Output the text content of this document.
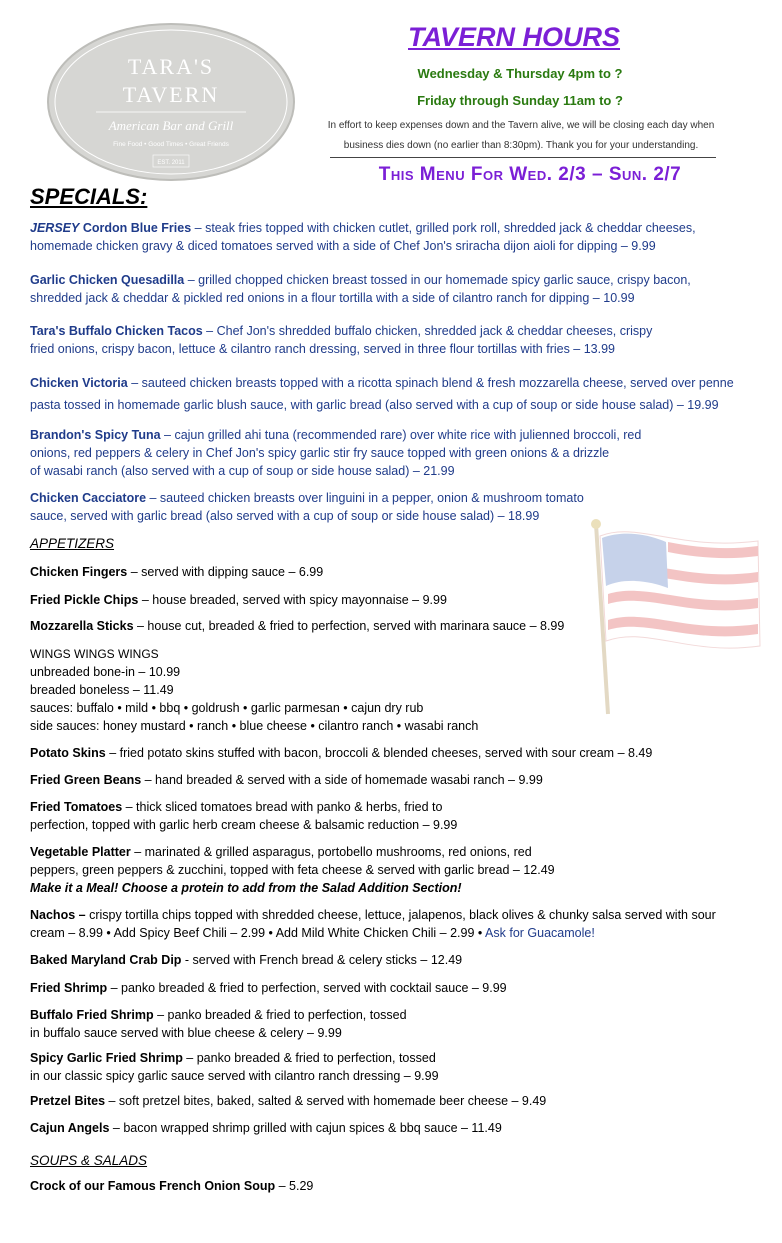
TARA'S
TAVERN
American Bar and Grill
Fine Food • Good Times • Great Friends
EST. 2011
TAVERN HOURS
Wednesday & Thursday 4pm to ?
Friday through Sunday 11am to ?
In effort to keep expenses down and the Tavern alive, we will be closing each day when
business dies down (no earlier than 8:30pm). Thank you for your understanding.
This Menu For Wed. 2/3 – Sun. 2/7
SPECIALS:
JERSEY Cordon Blue Fries – steak fries topped with chicken cutlet, grilled pork roll, shredded jack & cheddar cheeses,
homemade chicken gravy & diced tomatoes served with a side of Chef Jon's sriracha dijon aioli for dipping – 9.99
Garlic Chicken Quesadilla – grilled chopped chicken breast tossed in our homemade spicy garlic sauce, crispy bacon,
shredded jack & cheddar & pickled red onions in a flour tortilla with a side of cilantro ranch for dipping – 10.99
Tara's Buffalo Chicken Tacos – Chef Jon's shredded buffalo chicken, shredded jack & cheddar cheeses, crispy
fried onions, crispy bacon, lettuce & cilantro ranch dressing, served in three flour tortillas with fries – 13.99
Chicken Victoria – sauteed chicken breasts topped with a ricotta spinach blend & fresh mozzarella cheese, served over penne
pasta tossed in homemade garlic blush sauce, with garlic bread (also served with a cup of soup or side house salad) – 19.99
Brandon's Spicy Tuna – cajun grilled ahi tuna (recommended rare) over white rice with julienned broccoli, red
onions, red peppers & celery in Chef Jon's spicy garlic stir fry sauce topped with green onions & a drizzle
of wasabi ranch (also served with a cup of soup or side house salad) – 21.99
Chicken Cacciatore – sauteed chicken breasts over linguini in a pepper, onion & mushroom tomato
sauce, served with garlic bread (also served with a cup of soup or side house salad) – 18.99
APPETIZERS
Chicken Fingers – served with dipping sauce – 6.99
Fried Pickle Chips – house breaded, served with spicy mayonnaise – 9.99
Mozzarella Sticks – house cut, breaded & fried to perfection, served with marinara sauce – 8.99
WINGS WINGS WINGS
unbreaded bone-in – 10.99
breaded boneless – 11.49
sauces: buffalo • mild • bbq • goldrush • garlic parmesan • cajun dry rub
side sauces: honey mustard • ranch • blue cheese • cilantro ranch • wasabi ranch
Potato Skins – fried potato skins stuffed with bacon, broccoli & blended cheeses, served with sour cream – 8.49
Fried Green Beans – hand breaded & served with a side of homemade wasabi ranch – 9.99
Fried Tomatoes – thick sliced tomatoes bread with panko & herbs, fried to
perfection, topped with garlic herb cream cheese & balsamic reduction – 9.99
Vegetable Platter – marinated & grilled asparagus, portobello mushrooms, red onions, red
peppers, green peppers & zucchini, topped with feta cheese & served with garlic bread – 12.49
Make it a Meal! Choose a protein to add from the Salad Addition Section!
Nachos – crispy tortilla chips topped with shredded cheese, lettuce, jalapenos, black olives & chunky salsa served with sour
cream – 8.99 • Add Spicy Beef Chili – 2.99 • Add Mild White Chicken Chili – 2.99 • Ask for Guacamole!
Baked Maryland Crab Dip - served with French bread & celery sticks – 12.49
Fried Shrimp – panko breaded & fried to perfection, served with cocktail sauce – 9.99
Buffalo Fried Shrimp – panko breaded & fried to perfection, tossed
in buffalo sauce served with blue cheese & celery – 9.99
Spicy Garlic Fried Shrimp – panko breaded & fried to perfection, tossed
in our classic spicy garlic sauce served with cilantro ranch dressing – 9.99
Pretzel Bites – soft pretzel bites, baked, salted & served with homemade beer cheese – 9.49
Cajun Angels – bacon wrapped shrimp grilled with cajun spices & bbq sauce – 11.49
SOUPS & SALADS
Crock of our Famous French Onion Soup – 5.29
